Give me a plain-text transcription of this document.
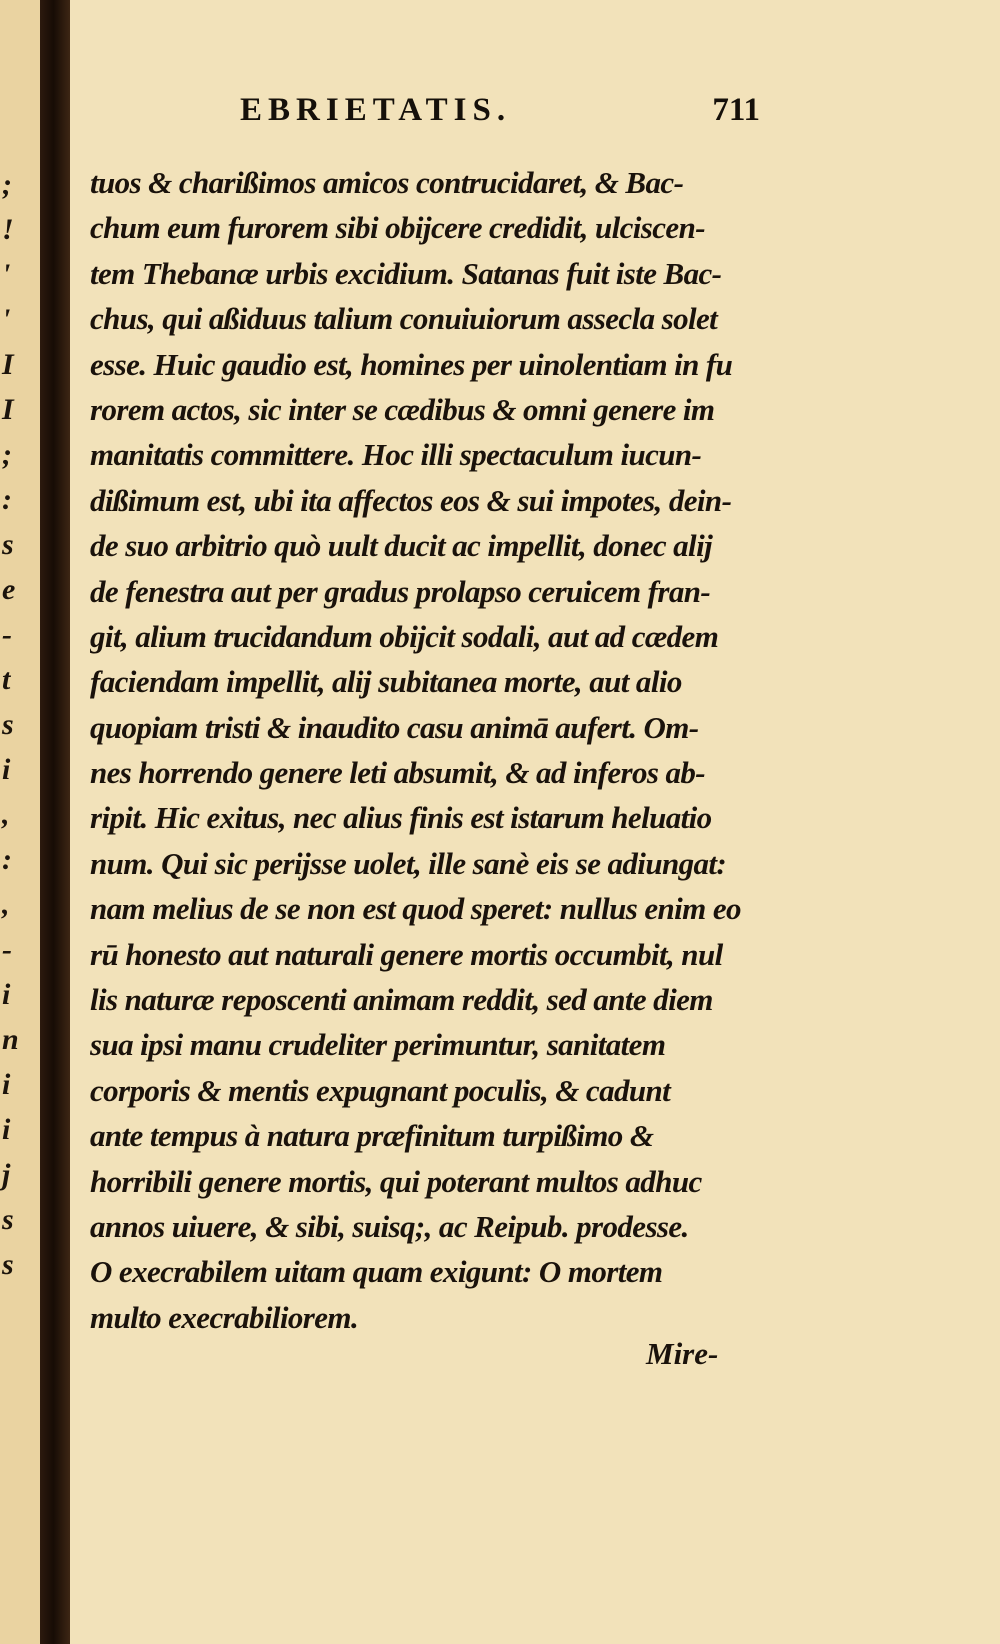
;
!
'
'
I
I
;
:
s
e
-
t
s
i
,
:
,
-
i
n
i
i
j
s
s
EBRIETATIS.	711
tuos & charißimos amicos contrucidaret, & Bac-
chum eum furorem sibi obijcere credidit, ulciscen-
tem Thebanæ urbis excidium. Satanas fuit iste Bac-
chus, qui aßiduus talium conuiuiorum assecla solet
esse. Huic gaudio est, homines per uinolentiam in fu
rorem actos, sic inter se cædibus & omni genere im
manitatis committere. Hoc illi spectaculum iucun-
dißimum est, ubi ita affectos eos & sui impotes, dein-
de suo arbitrio quò uult ducit ac impellit, donec alij
de fenestra aut per gradus prolapso ceruicem fran-
git, alium trucidandum obijcit sodali, aut ad cædem
faciendam impellit, alij subitanea morte, aut alio
quopiam tristi & inaudito casu animā aufert. Om-
nes horrendo genere leti absumit, & ad inferos ab-
ripit. Hic exitus, nec alius finis est istarum heluatio
num. Qui sic perijsse uolet, ille sanè eis se adiungat:
nam melius de se non est quod speret: nullus enim eo
rū honesto aut naturali genere mortis occumbit, nul
lis naturæ reposcenti animam reddit, sed ante diem
sua ipsi manu crudeliter perimuntur, sanitatem
corporis & mentis expugnant poculis, & cadunt
ante tempus à natura præfinitum turpißimo &
horribili genere mortis, qui poterant multos adhuc
annos uiuere, & sibi, suisq;, ac Reipub. prodesse.
O execrabilem uitam quam exigunt: O mortem
multo execrabiliorem.
Mire-
